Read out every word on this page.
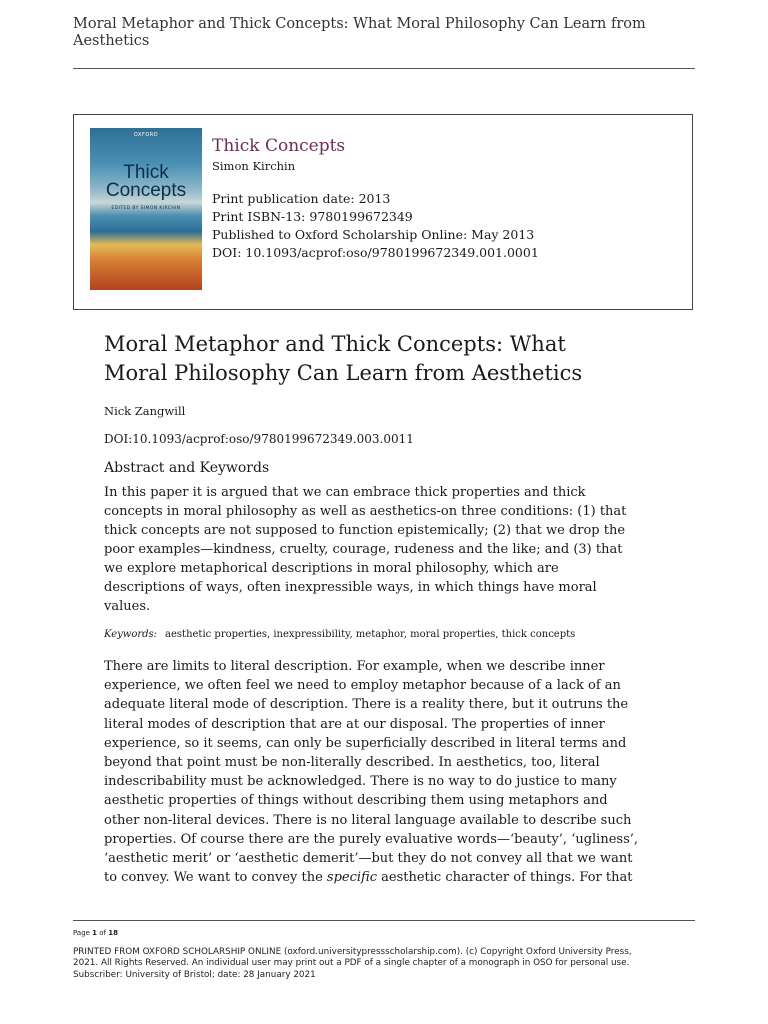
Moral Metaphor and Thick Concepts: What Moral Philosophy Can Learn from Aesthetics
OXFORD
Thick
Concepts
EDITED BY SIMON KIRCHIN
Thick Concepts
Simon Kirchin
Print publication date: 2013
Print ISBN-13: 9780199672349
Published to Oxford Scholarship Online: May 2013
DOI: 10.1093/acprof:oso/9780199672349.001.0001
Moral Metaphor and Thick Concepts: What
Moral Philosophy Can Learn from Aesthetics
Nick Zangwill
DOI:10.1093/acprof:oso/9780199672349.003.0011
Abstract and Keywords
In this paper it is argued that we can embrace thick properties and thick
concepts in moral philosophy as well as aesthetics-on three conditions: (1) that
thick concepts are not supposed to function epistemically; (2) that we drop the
poor examples—kindness, cruelty, courage, rudeness and the like; and (3) that
we explore metaphorical descriptions in moral philosophy, which are
descriptions of ways, often inexpressible ways, in which things have moral
values.
Keywords: aesthetic properties, inexpressibility, metaphor, moral properties, thick concepts
There are limits to literal description. For example, when we describe inner
experience, we often feel we need to employ metaphor because of a lack of an
adequate literal mode of description. There is a reality there, but it outruns the
literal modes of description that are at our disposal. The properties of inner
experience, so it seems, can only be superficially described in literal terms and
beyond that point must be non-literally described. In aesthetics, too, literal
indescribability must be acknowledged. There is no way to do justice to many
aesthetic properties of things without describing them using metaphors and
other non-literal devices. There is no literal language available to describe such
properties. Of course there are the purely evaluative words—‘beauty’, ‘ugliness’,
‘aesthetic merit’ or ‘aesthetic demerit’—but they do not convey all that we want
to convey. We want to convey the specific aesthetic character of things. For that
Page 1 of 18
PRINTED FROM OXFORD SCHOLARSHIP ONLINE (oxford.universitypressscholarship.com). (c) Copyright Oxford University Press,
2021. All Rights Reserved. An individual user may print out a PDF of a single chapter of a monograph in OSO for personal use.
Subscriber: University of Bristol; date: 28 January 2021
